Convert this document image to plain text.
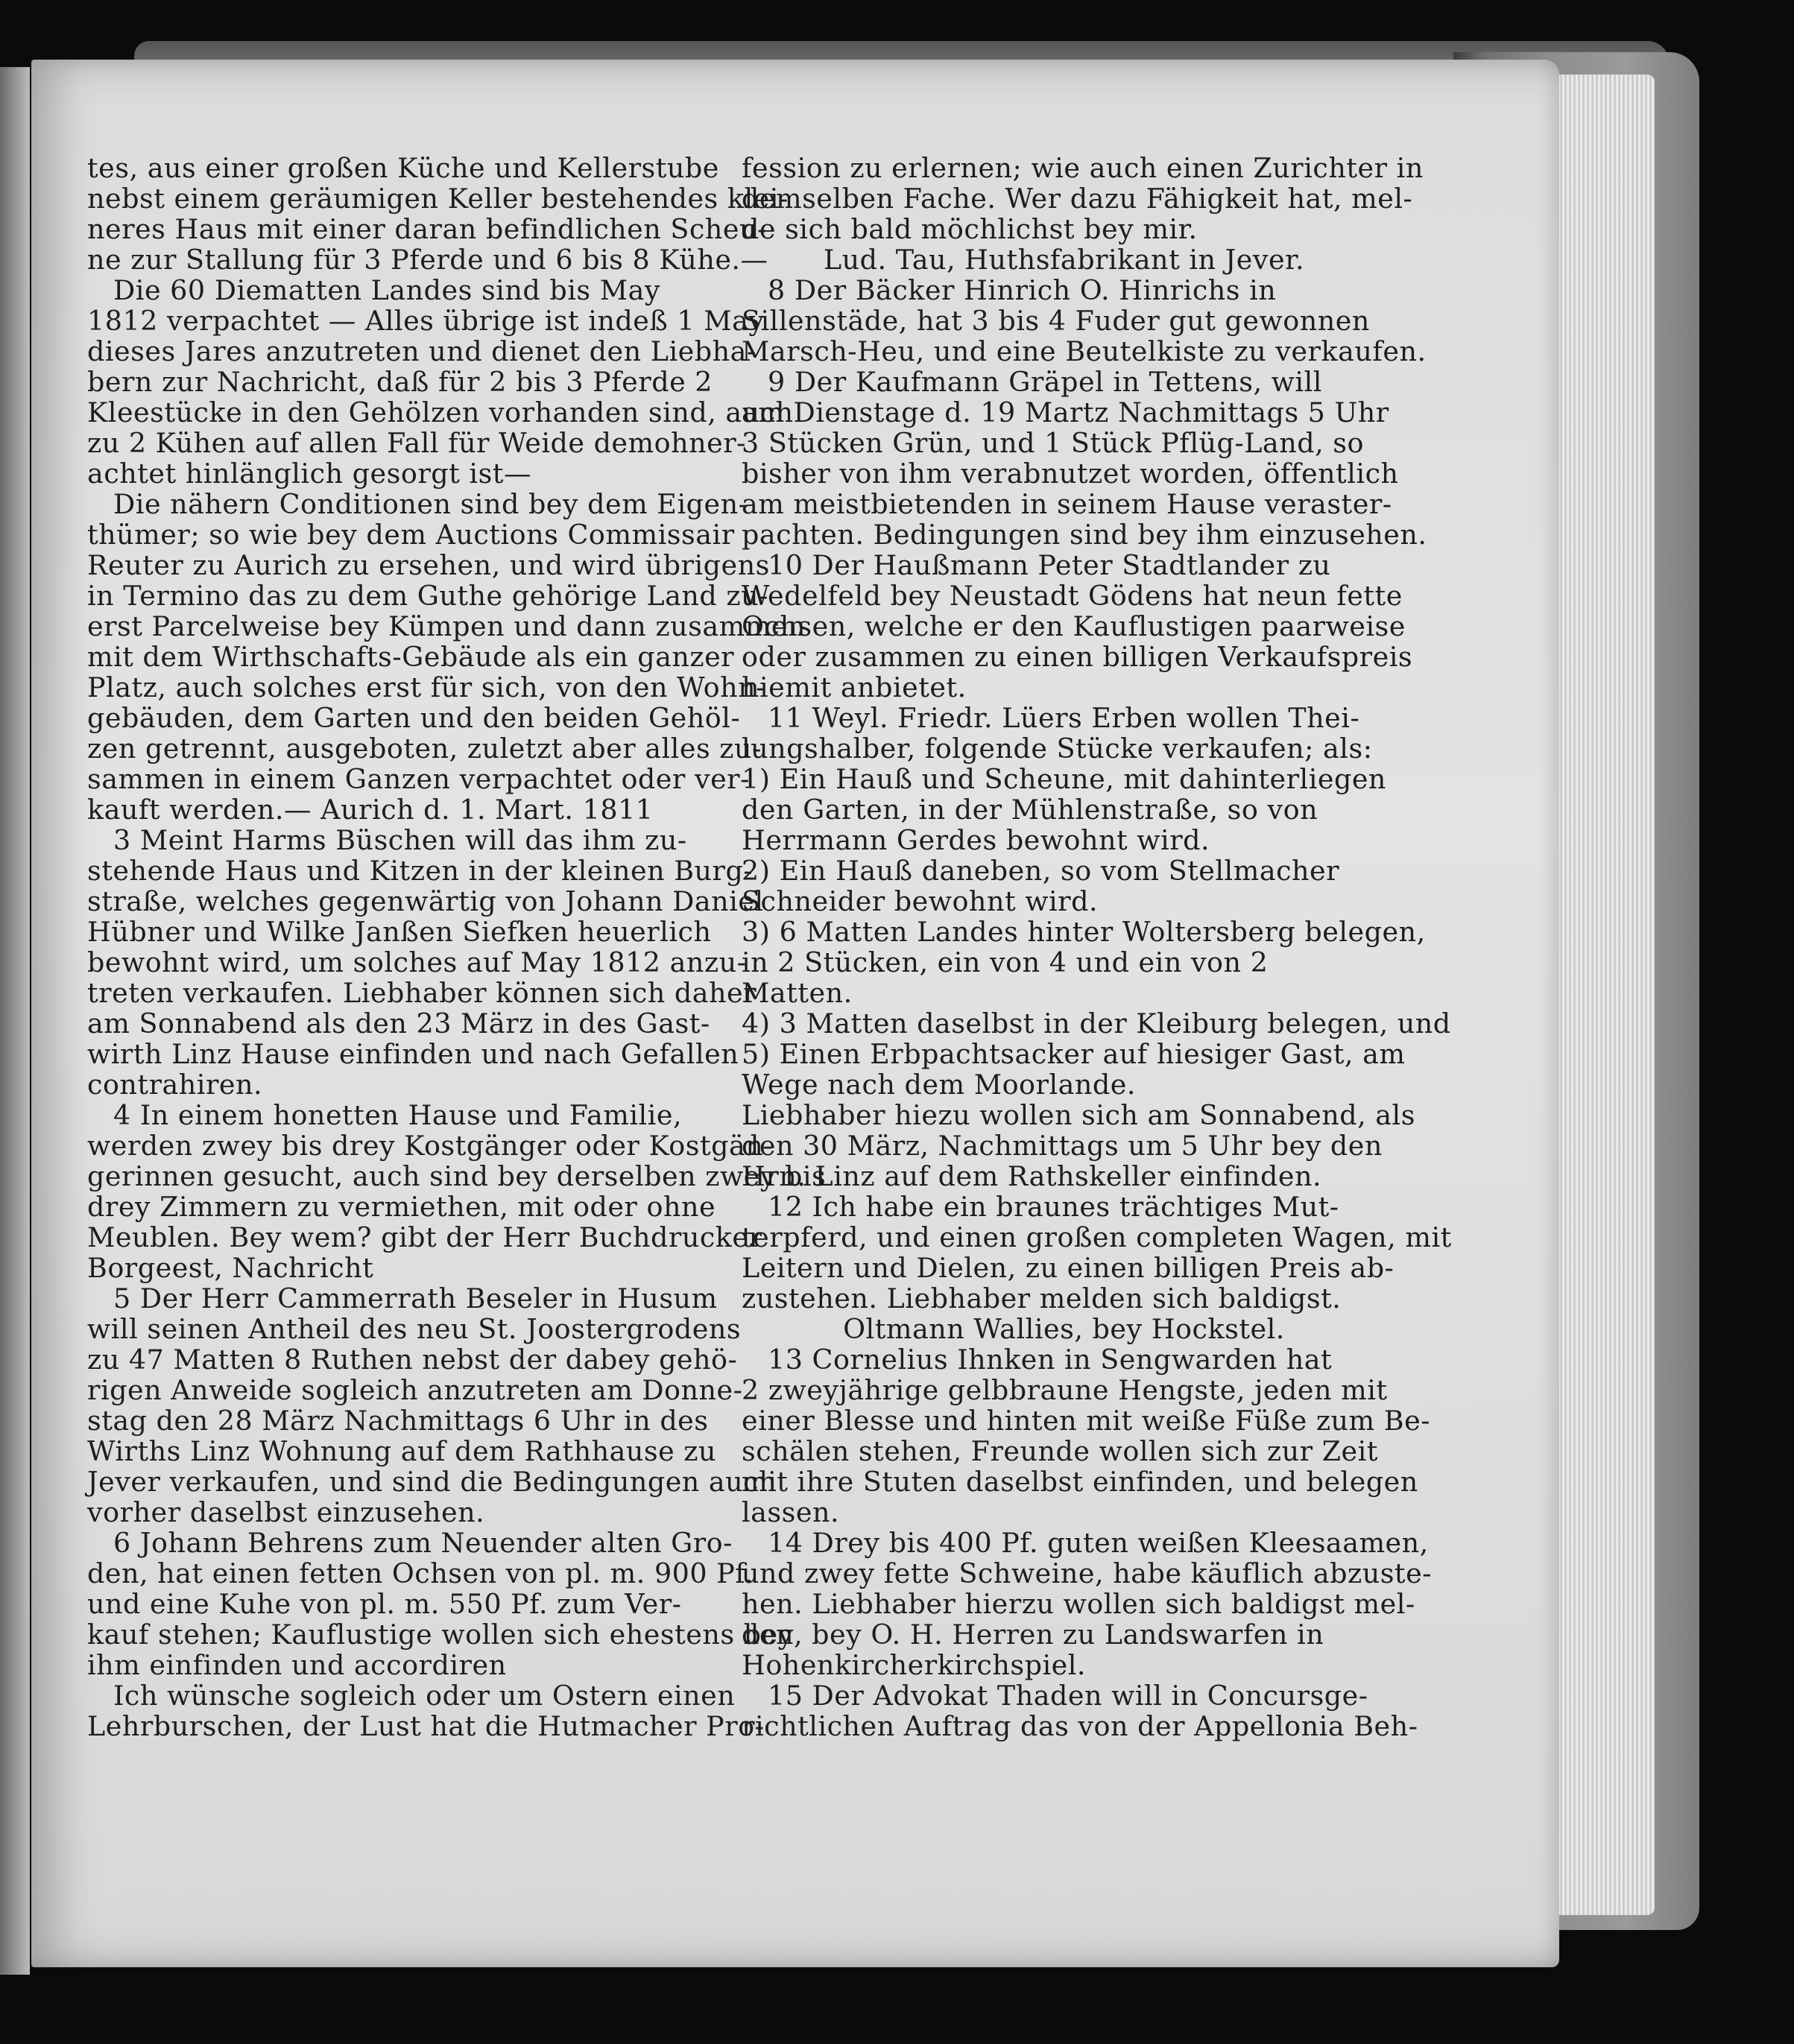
tes, aus einer großen Küche und Kellerstube
nebst einem geräumigen Keller bestehendes klei-
neres Haus mit einer daran befindlichen Scheu-
ne zur Stallung für 3 Pferde und 6 bis 8 Kühe.—
Die 60 Diematten Landes sind bis May
1812 verpachtet — Alles übrige ist indeß 1 May
dieses Jares anzutreten und dienet den Liebha-
bern zur Nachricht, daß für 2 bis 3 Pferde 2
Kleestücke in den Gehölzen vorhanden sind, auch
zu 2 Kühen auf allen Fall für Weide demohner-
achtet hinlänglich gesorgt ist—
Die nähern Conditionen sind bey dem Eigen-
thümer; so wie bey dem Auctions Commissair
Reuter zu Aurich zu ersehen, und wird übrigens
in Termino das zu dem Guthe gehörige Land zu-
erst Parcelweise bey Kümpen und dann zusammen
mit dem Wirthschafts-Gebäude als ein ganzer
Platz, auch solches erst für sich, von den Wohn-
gebäuden, dem Garten und den beiden Gehöl-
zen getrennt, ausgeboten, zuletzt aber alles zu-
sammen in einem Ganzen verpachtet oder ver-
kauft werden.— Aurich d. 1. Mart. 1811
3 Meint Harms Büschen will das ihm zu-
stehende Haus und Kitzen in der kleinen Burg-
straße, welches gegenwärtig von Johann Daniel
Hübner und Wilke Janßen Siefken heuerlich
bewohnt wird, um solches auf May 1812 anzu-
treten verkaufen. Liebhaber können sich daher
am Sonnabend als den 23 März in des Gast-
wirth Linz Hause einfinden und nach Gefallen
contrahiren.
4 In einem honetten Hause und Familie,
werden zwey bis drey Kostgänger oder Kostgän-
gerinnen gesucht, auch sind bey derselben zwey bis
drey Zimmern zu vermiethen, mit oder ohne
Meublen. Bey wem? gibt der Herr Buchdrucker
Borgeest, Nachricht
5 Der Herr Cammerrath Beseler in Husum
will seinen Antheil des neu St. Joostergrodens
zu 47 Matten 8 Ruthen nebst der dabey gehö-
rigen Anweide sogleich anzutreten am Donne-
stag den 28 März Nachmittags 6 Uhr in des
Wirths Linz Wohnung auf dem Rathhause zu
Jever verkaufen, und sind die Bedingungen auch
vorher daselbst einzusehen.
6 Johann Behrens zum Neuender alten Gro-
den, hat einen fetten Ochsen von pl. m. 900 Pf.
und eine Kuhe von pl. m. 550 Pf. zum Ver-
kauf stehen; Kauflustige wollen sich ehestens bey
ihm einfinden und accordiren
Ich wünsche sogleich oder um Ostern einen
Lehrburschen, der Lust hat die Hutmacher Pro-
fession zu erlernen; wie auch einen Zurichter in
demselben Fache. Wer dazu Fähigkeit hat, mel-
de sich bald möchlichst bey mir.
Lud. Tau, Huthsfabrikant in Jever.
8 Der Bäcker Hinrich O. Hinrichs in
Sillenstäde, hat 3 bis 4 Fuder gut gewonnen
Marsch-Heu, und eine Beutelkiste zu verkaufen.
9 Der Kaufmann Gräpel in Tettens, will
am Dienstage d. 19 Martz Nachmittags 5 Uhr
3 Stücken Grün, und 1 Stück Pflüg-Land, so
bisher von ihm verabnutzet worden, öffentlich
am meistbietenden in seinem Hause veraster-
pachten. Bedingungen sind bey ihm einzusehen.
10 Der Haußmann Peter Stadtlander zu
Wedelfeld bey Neustadt Gödens hat neun fette
Ochsen, welche er den Kauflustigen paarweise
oder zusammen zu einen billigen Verkaufspreis
hiemit anbietet.
11 Weyl. Friedr. Lüers Erben wollen Thei-
lungshalber, folgende Stücke verkaufen; als:
1) Ein Hauß und Scheune, mit dahinterliegen
den Garten, in der Mühlenstraße, so von
Herrmann Gerdes bewohnt wird.
2) Ein Hauß daneben, so vom Stellmacher
Schneider bewohnt wird.
3) 6 Matten Landes hinter Woltersberg belegen,
in 2 Stücken, ein von 4 und ein von 2
Matten.
4) 3 Matten daselbst in der Kleiburg belegen, und
5) Einen Erbpachtsacker auf hiesiger Gast, am
Wege nach dem Moorlande.
Liebhaber hiezu wollen sich am Sonnabend, als
den 30 März, Nachmittags um 5 Uhr bey den
Hrn. Linz auf dem Rathskeller einfinden.
12 Ich habe ein braunes trächtiges Mut-
terpferd, und einen großen completen Wagen, mit
Leitern und Dielen, zu einen billigen Preis ab-
zustehen. Liebhaber melden sich baldigst.
Oltmann Wallies, bey Hockstel.
13 Cornelius Ihnken in Sengwarden hat
2 zweyjährige gelbbraune Hengste, jeden mit
einer Blesse und hinten mit weiße Füße zum Be-
schälen stehen, Freunde wollen sich zur Zeit
mit ihre Stuten daselbst einfinden, und belegen
lassen.
14 Drey bis 400 Pf. guten weißen Kleesaamen,
und zwey fette Schweine, habe käuflich abzuste-
hen. Liebhaber hierzu wollen sich baldigst mel-
den, bey O. H. Herren zu Landswarfen in
Hohenkircherkirchspiel.
15 Der Advokat Thaden will in Concursge-
richtlichen Auftrag das von der Appellonia Beh-
